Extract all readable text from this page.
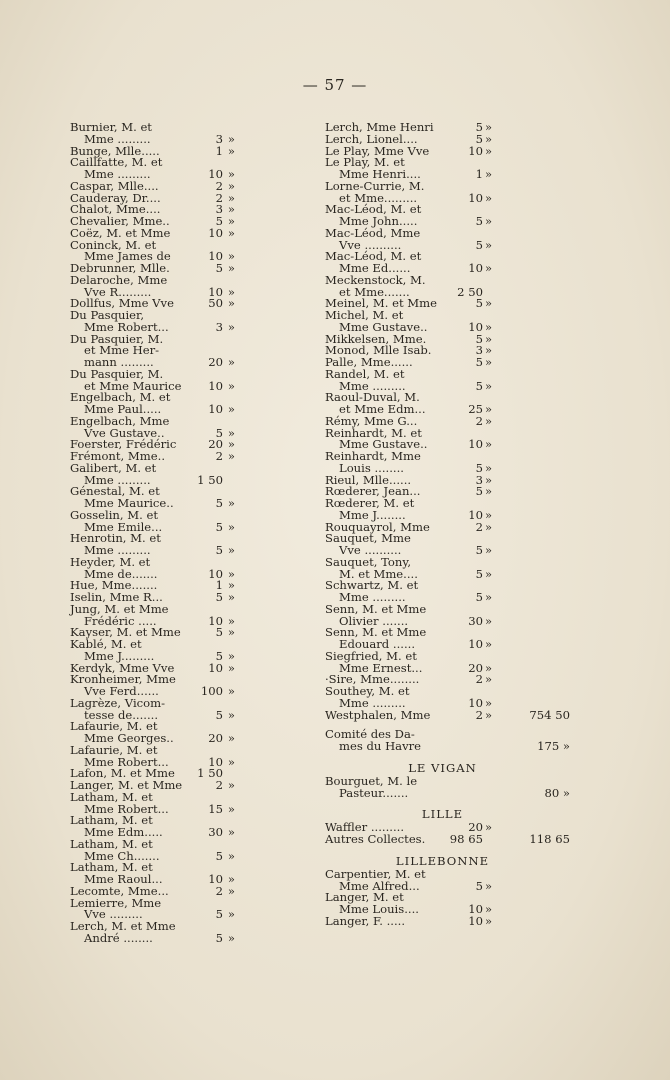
— 57 —
Burnier, M. et
Mme .........	3 »
Bunge, Mlle.....	1 »
Caillfatte, M. et
Mme .........	10 »
Caspar, Mlle....	2 »
Cauderay, Dr....	2 »
Chalot, Mme....	3 »
Chevalier, Mme..	5 »
Coëz, M. et Mme	10 »
Coninck, M. et
Mme James de	10 »
Debrunner, Mlle.	5 »
Delaroche, Mme
Vve R.........	10 »
Dollfus, Mme Vve	50 »
Du Pasquier,
Mme Robert...	3 »
Du Pasquier, M.
et Mme Her-
mann .........	20 »
Du Pasquier, M.
et Mme Maurice 10 »
Engelbach, M. et
Mme Paul.....	10 »
Engelbach, Mme
Vve Gustave..	5 »
Foerster, Frédéric	20 »
Frémont, Mme..	2 »
Galibert, M. et
Mme .........	1 50
Génestal, M. et
Mme Maurice..	5 »
Gosselin, M. et
Mme Emile...	5 »
Henrotin, M. et
Mme .........	5 »
Heyder, M. et
Mme de.......	10 »
Hue, Mme.......	1 »
Iselin, Mme R...	5 »
Jung, M. et Mme
Frédéric .....	10 »
Kayser, M. et Mme	5 »
Kablé, M. et
Mme J.........	5 »
Kerdyk, Mme Vve	10 »
Kronheimer, Mme
Vve Ferd......	100 »
Lagrèze, Vicom-
tesse de.......	5 »
Lafaurie, M. et
Mme Georges..	20 »
Lafaurie, M. et
Mme Robert...	10 »
Lafon, M. et Mme 1 50
Langer, M. et Mme	2 »
Latham, M. et
Mme Robert...	15 »
Latham, M. et
Mme Edm.....	30 »
Latham, M. et
Mme Ch.......	5 »
Latham, M. et
Mme Raoul...	10 »
Lecomte, Mme...	2 »
Lemierre, Mme
Vve .........	5 »
Lerch, M. et Mme
André ........	5 »
Lerch, Mme Henri	5 »
Lerch, Lionel....	5 »
Le Play, Mme Vve	10 »
Le Play, M. et
Mme Henri....	1 »
Lorne-Currie, M.
et Mme.........	10 »
Mac-Léod, M. et
Mme John.....	5 »
Mac-Léod, Mme
Vve ..........	5 »
Mac-Léod, M. et
Mme Ed......	10 »
Meckenstock, M.
et Mme.......	2 50
Meinel, M. et Mme	5 »
Michel, M. et
Mme Gustave..	10 »
Mikkelsen, Mme.	5 »
Monod, Mlle Isab.	3 »
Palle, Mme......	5 »
Randel, M. et
Mme .........	5 »
Raoul-Duval, M.
et Mme Edm...	25 »
Rémy, Mme G...	2 »
Reinhardt, M. et
Mme Gustave..	10 »
Reinhardt, Mme
Louis ........	5 »
Rieul, Mlle......	3 »
Rœderer, Jean...	5 »
Rœderer, M. et
Mme J........	10 »
Rouquayrol, Mme	2 »
Sauquet, Mme
Vve ..........	5 »
Sauquet, Tony,
M. et Mme....	5 »
Schwartz, M. et
Mme .........	5 »
Senn, M. et Mme
Olivier .......	30 »
Senn, M. et Mme
Edouard ......	10 »
Siegfried, M. et
Mme Ernest...	20 »
·Sire, Mme........	2 »
Southey, M. et
Mme .........	10 »
Westphalen, Mme	2 »	754 50
Comité des Da-
mes du Havre	175 »
LE VIGAN
Bourguet, M. le
Pasteur.......	80 »
LILLE
Waffler .........	20 »
Autres Collectes. 98 65	118 65
LILLEBONNE
Carpentier, M. et
Mme Alfred...	5 »
Langer, M. et
Mme Louis....	10 »
Langer, F. .....	10 »
